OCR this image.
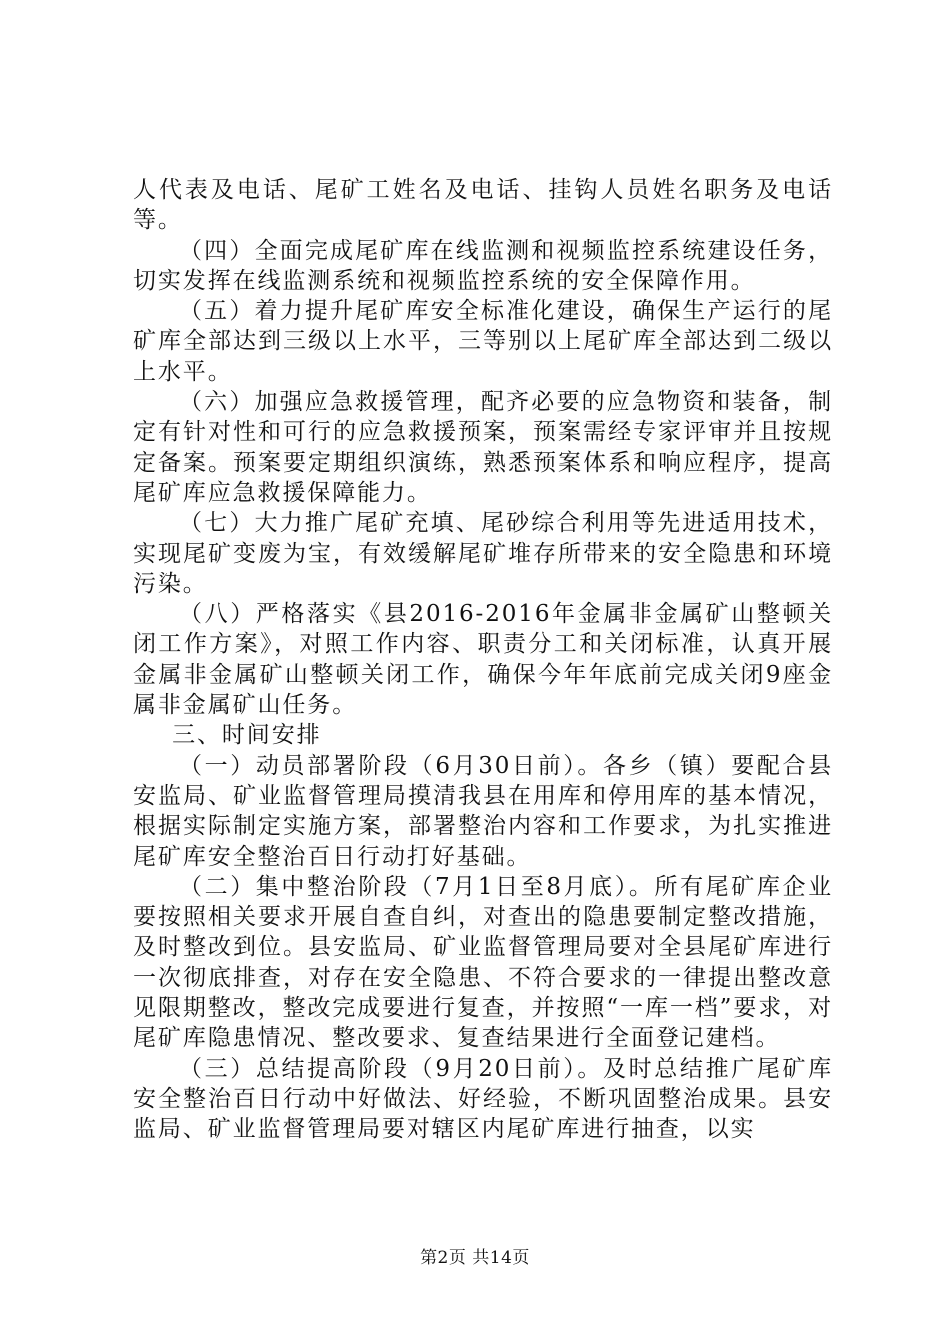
人代表及电话、尾矿工姓名及电话、挂钩人员姓名职务及电话等。

（四）全面完成尾矿库在线监测和视频监控系统建设任务，切实发挥在线监测系统和视频监控系统的安全保障作用。

（五）着力提升尾矿库安全标准化建设，确保生产运行的尾矿库全部达到三级以上水平，三等别以上尾矿库全部达到二级以上水平。

（六）加强应急救援管理，配齐必要的应急物资和装备，制定有针对性和可行的应急救援预案，预案需经专家评审并且按规定备案。预案要定期组织演练，熟悉预案体系和响应程序，提高尾矿库应急救援保障能力。

（七）大力推广尾矿充填、尾砂综合利用等先进适用技术，实现尾矿变废为宝，有效缓解尾矿堆存所带来的安全隐患和环境污染。

（八）严格落实《县2016-2016年金属非金属矿山整顿关闭工作方案》，对照工作内容、职责分工和关闭标准，认真开展金属非金属矿山整顿关闭工作，确保今年年底前完成关闭9座金属非金属矿山任务。

三、时间安排

（一）动员部署阶段（6月30日前）。各乡（镇）要配合县安监局、矿业监督管理局摸清我县在用库和停用库的基本情况，根据实际制定实施方案，部署整治内容和工作要求，为扎实推进尾矿库安全整治百日行动打好基础。

（二）集中整治阶段（7月1日至8月底）。所有尾矿库企业要按照相关要求开展自查自纠，对查出的隐患要制定整改措施，及时整改到位。县安监局、矿业监督管理局要对全县尾矿库进行一次彻底排查，对存在安全隐患、不符合要求的一律提出整改意见限期整改，整改完成要进行复查，并按照“一库一档”要求，对尾矿库隐患情况、整改要求、复查结果进行全面登记建档。

（三）总结提高阶段（9月20日前）。及时总结推广尾矿库安全整治百日行动中好做法、好经验，不断巩固整治成果。县安监局、矿业监督管理局要对辖区内尾矿库进行抽查，以实

第2页 共14页
